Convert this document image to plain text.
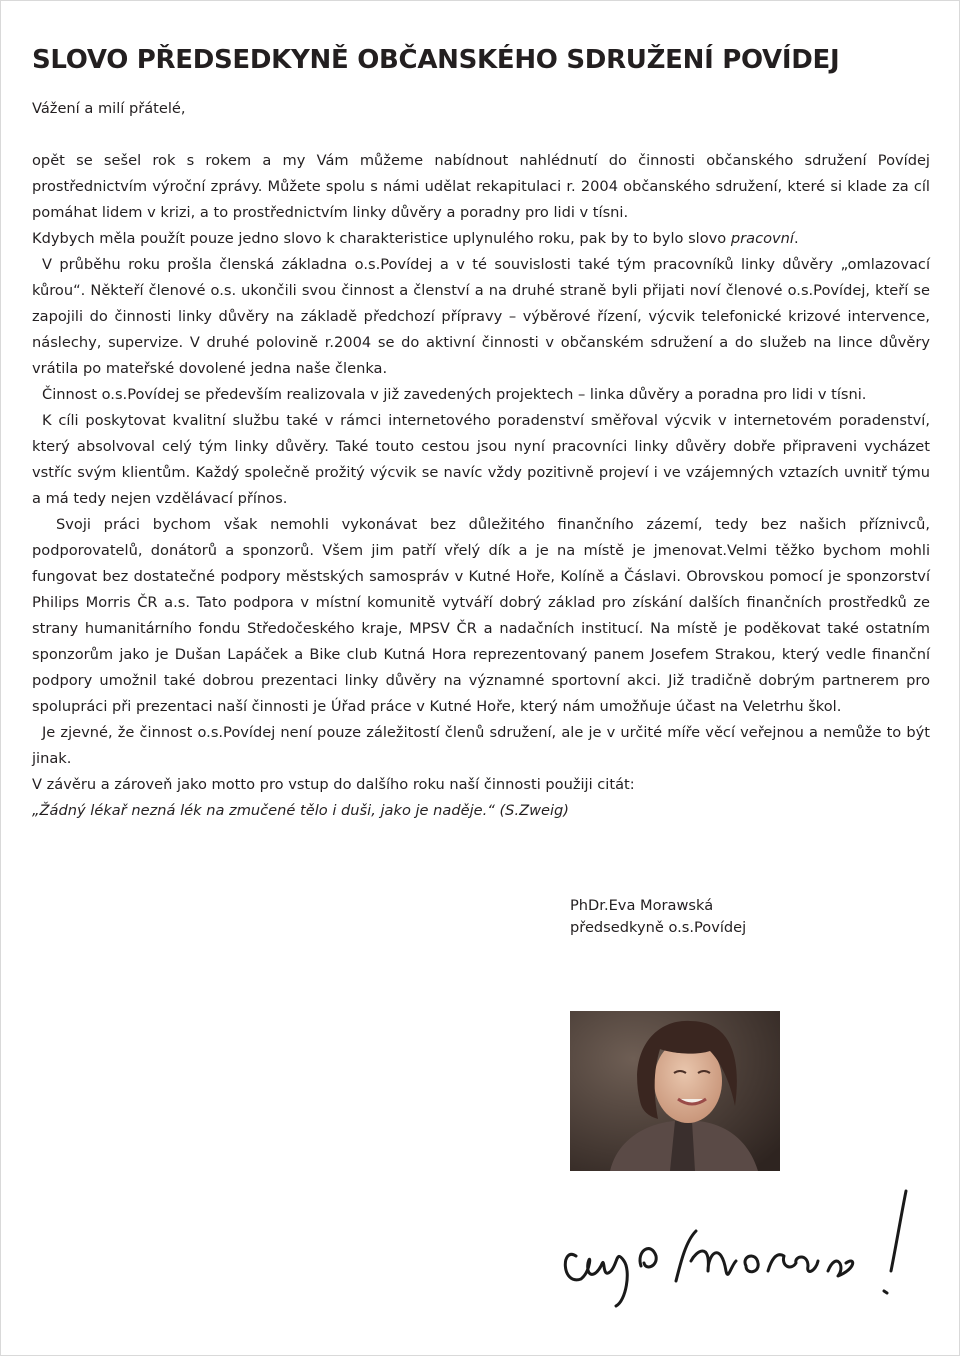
SLOVO PŘEDSEDKYNĚ OBČANSKÉHO SDRUŽENÍ POVÍDEJ

Vážení a milí přátelé,

opět se sešel rok s rokem a my Vám můžeme nabídnout nahlédnutí do činnosti občanského sdružení Povídej prostřednictvím výroční zprávy. Můžete spolu s námi udělat rekapitulaci r. 2004 občanského sdružení, které si klade za cíl pomáhat lidem v krizi, a to prostřednictvím linky důvěry a poradny pro lidi v tísni.

Kdybych měla použít pouze jedno slovo k charakteristice uplynulého roku, pak by to bylo slovo pracovní.

V průběhu roku prošla členská základna o.s.Povídej a v té souvislosti také tým pracovníků linky důvěry „omlazovací kůrou“. Někteří členové o.s. ukončili svou činnost a členství a na druhé straně byli přijati noví členové o.s.Povídej, kteří se zapojili do činnosti linky důvěry na základě předchozí přípravy – výběrové řízení, výcvik telefonické krizové intervence, náslechy, supervize. V druhé polovině r.2004 se do aktivní činnosti v občanském sdružení a do služeb na lince důvěry vrátila po mateřské dovolené jedna naše členka.

Činnost o.s.Povídej se především realizovala v již zavedených projektech – linka důvěry a poradna pro lidi v tísni.

K cíli poskytovat kvalitní službu také v rámci internetového poradenství směřoval výcvik v internetovém poradenství, který absolvoval celý tým linky důvěry. Také touto cestou jsou nyní pracovníci linky důvěry dobře připraveni vycházet vstříc svým klientům. Každý společně prožitý výcvik se navíc vždy pozitivně projeví i ve vzájemných vztazích uvnitř týmu a má tedy nejen vzdělávací přínos.

Svoji práci bychom však nemohli vykonávat bez důležitého finančního zázemí, tedy bez našich příznivců, podporovatelů, donátorů a sponzorů. Všem jim patří vřelý dík a je na místě je jmenovat.Velmi těžko bychom mohli fungovat bez dostatečné podpory městských samospráv v Kutné Hoře, Kolíně a Čáslavi. Obrovskou pomocí je sponzorství Philips Morris ČR a.s. Tato podpora v místní komunitě vytváří dobrý základ pro získání dalších finančních prostředků ze strany humanitárního fondu Středočeského kraje, MPSV ČR a nadačních institucí. Na místě je poděkovat také ostatním sponzorům jako je Dušan Lapáček a Bike club Kutná Hora reprezentovaný panem Josefem Strakou, který vedle finanční podpory umožnil také dobrou prezentaci linky důvěry na významné sportovní akci. Již tradičně dobrým partnerem pro spolupráci při prezentaci naší činnosti je Úřad práce v Kutné Hoře, který nám umožňuje účast na Veletrhu škol.

Je zjevné, že činnost o.s.Povídej není pouze záležitostí členů sdružení, ale je v určité míře věcí veřejnou a nemůže to být jinak.

V závěru a zároveň jako motto pro vstup do dalšího roku naší činnosti použiji citát:

„Žádný lékař nezná lék na zmučené tělo i duši, jako je naděje.“ (S.Zweig)

PhDr.Eva Morawská
předsedkyně o.s.Povídej
